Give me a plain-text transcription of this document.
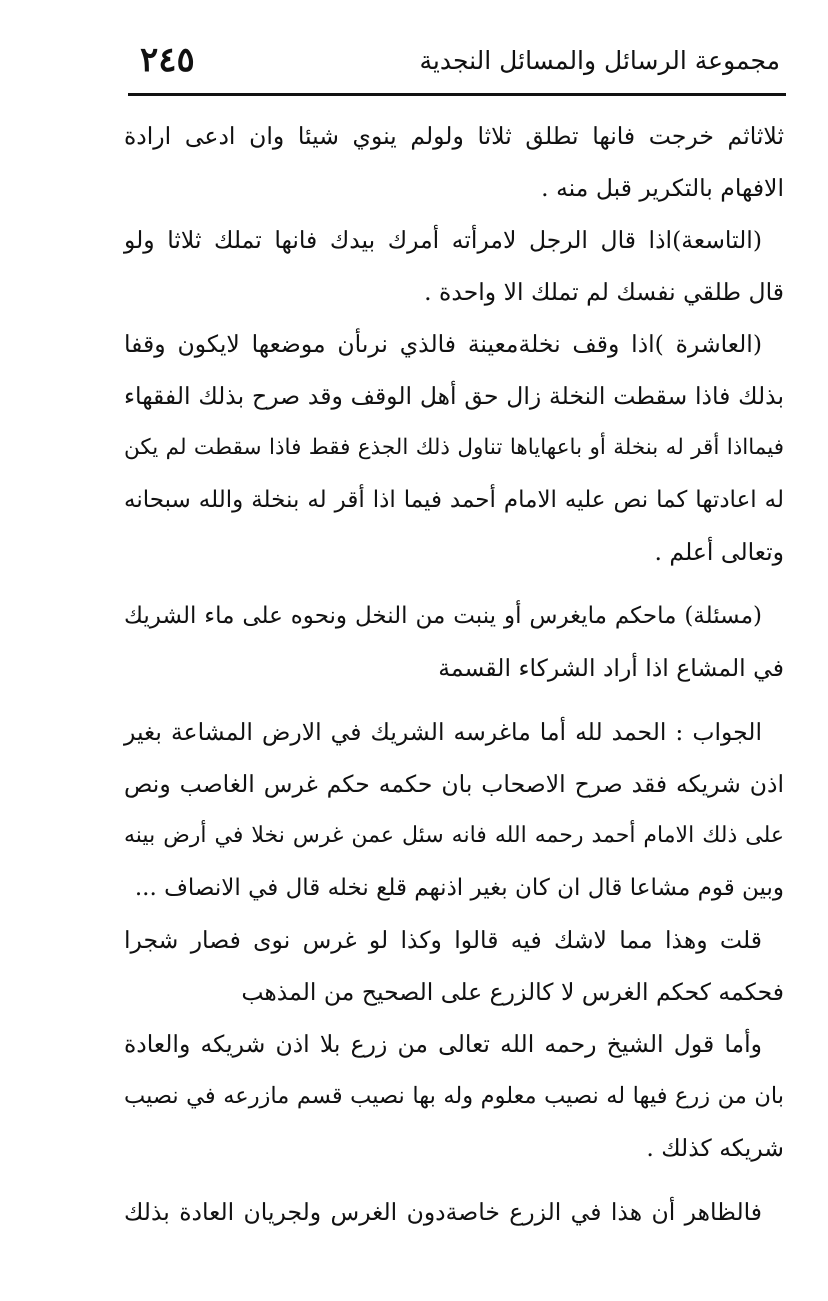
مجموعة الرسائل والمسائل النجدية
٢٤٥
ثلاثاثم خرجت فانها تطلق ثلاثا ولولم ينوي شيئا وان ادعى ارادة
الافهام بالتكرير قبل منه .
(التاسعة)اذا قال الرجل لامرأته أمرك بيدك فانها تملك ثلاثا ولو
قال طلقي نفسك لم تملك الا واحدة .
(العاشرة )اذا وقف نخلةمعينة فالذي نرىأن موضعها لايكون وقفا
بذلك فاذا سقطت النخلة زال حق أهل الوقف وقد صرح بذلك الفقهاء
فيمااذا أقر له بنخلة أو باعهاياها تناول ذلك الجذع فقط فاذا سقطت لم يكن
له اعادتها كما نص عليه الامام أحمد فيما اذا أقر له بنخلة والله سبحانه
وتعالى أعلم .
(مسئلة) ماحكم مايغرس أو ينبت من النخل ونحوه على ماء الشريك
في المشاع اذا أراد الشركاء القسمة
الجواب : الحمد لله أما ماغرسه الشريك في الارض المشاعة بغير
اذن شريكه فقد صرح الاصحاب بان حكمه حكم غرس الغاصب ونص
على ذلك الامام أحمد رحمه الله فانه سئل عمن غرس نخلا في أرض بينه
وبين قوم مشاعا قال ان كان بغير اذنهم قلع نخله قال في الانصاف ...
قلت وهذا مما لاشك فيه قالوا وكذا لو غرس نوى فصار شجرا
فحكمه كحكم الغرس لا كالزرع على الصحيح من المذهب
وأما قول الشيخ رحمه الله تعالى من زرع بلا اذن شريكه والعادة
بان من زرع فيها له نصيب معلوم وله بها نصيب قسم مازرعه في نصيب
شريكه كذلك .
فالظاهر أن هذا في الزرع خاصةدون الغرس ولجريان العادة بذلك
